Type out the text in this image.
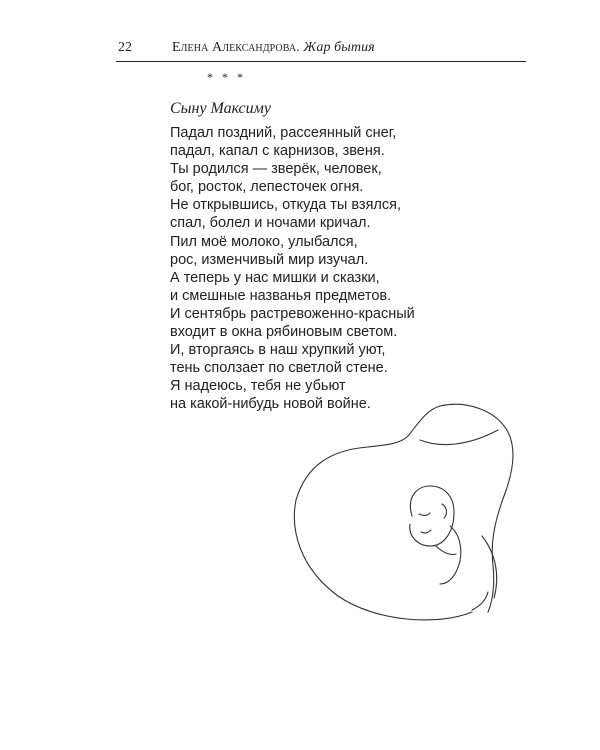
22	Елена Александрова. Жар бытия
* * *
Сыну Максиму
Падал поздний, рассеянный снег,
падал, капал с карнизов, звеня.
Ты родился — зверёк, человек,
бог, росток, лепесточек огня.
Не открывшись, откуда ты взялся,
спал, болел и ночами кричал.
Пил моё молоко, улыбался,
рос, изменчивый мир изучал.
А теперь у нас мишки и сказки,
и смешные названья предметов.
И сентябрь растревоженно-красный
входит в окна рябиновым светом.
И, вторгаясь в наш хрупкий уют,
тень сползает по светлой стене.
Я надеюсь, тебя не убьют
на какой-нибудь новой войне.
